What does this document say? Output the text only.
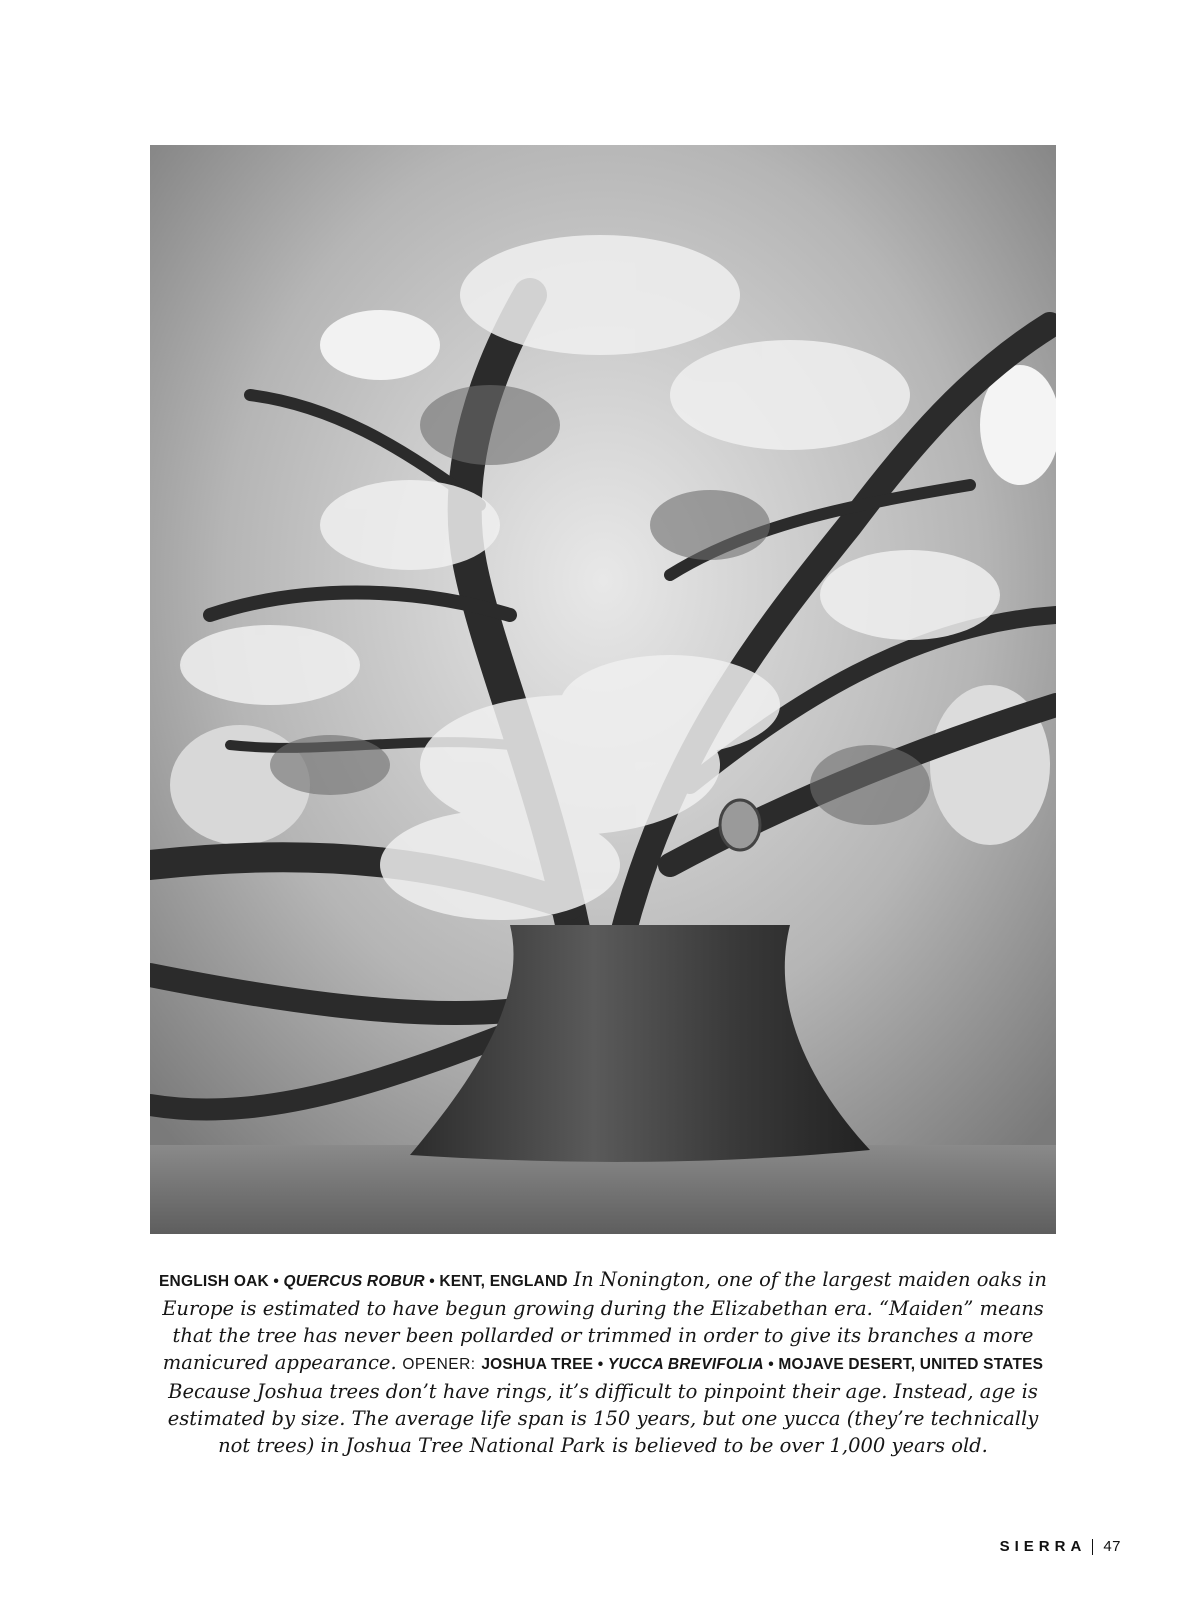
ENGLISH OAK • QUERCUS ROBUR • KENT, ENGLAND In Nonington, one of the largest maiden oaks in Europe is estimated to have begun growing during the Elizabethan era. “Maiden” means that the tree has never been pollarded or trimmed in order to give its branches a more manicured appearance. OPENER: JOSHUA TREE • YUCCA BREVIFOLIA • MOJAVE DESERT, UNITED STATES Because Joshua trees don’t have rings, it’s difficult to pinpoint their age. Instead, age is estimated by size. The average life span is 150 years, but one yucca (they’re technically not trees) in Joshua Tree National Park is believed to be over 1,000 years old.
SIERRA 47
